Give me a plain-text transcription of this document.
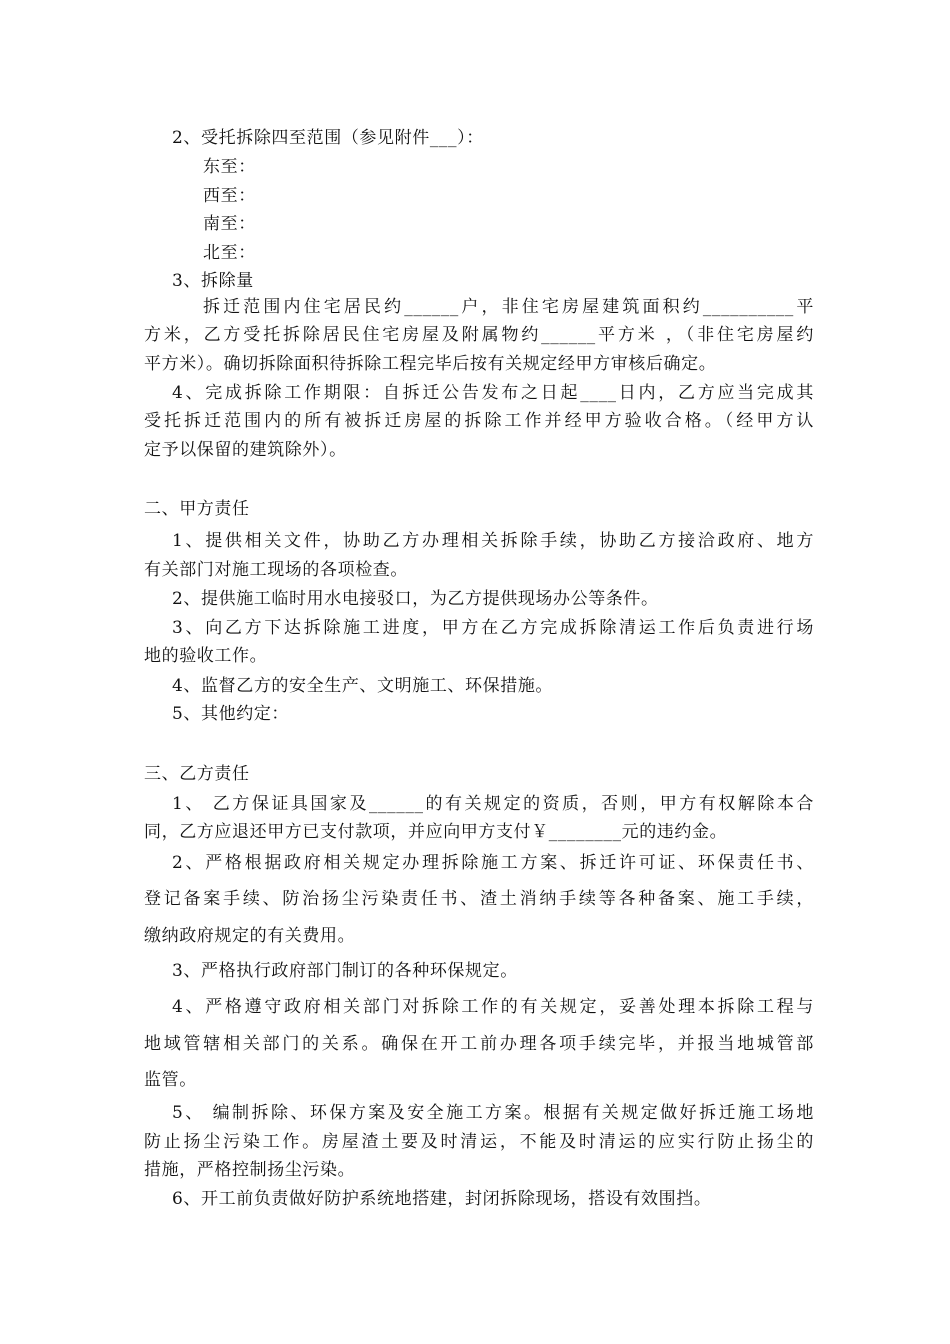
2、受托拆除四至范围（参见附件___）：
东至：
西至：
南至：
北至：
3、拆除量
拆迁范围内住宅居民约______户，非住宅房屋建筑面积约__________平
方米，乙方受托拆除居民住宅房屋及附属物约______平方米 ，（非住宅房屋约
平方米）。确切拆除面积待拆除工程完毕后按有关规定经甲方审核后确定。
4、完成拆除工作期限：自拆迁公告发布之日起____日内，乙方应当完成其
受托拆迁范围内的所有被拆迁房屋的拆除工作并经甲方验收合格。（经甲方认
定予以保留的建筑除外）。
二、甲方责任
1、提供相关文件，协助乙方办理相关拆除手续，协助乙方接洽政府、地方
有关部门对施工现场的各项检查。
2、提供施工临时用水电接驳口，为乙方提供现场办公等条件。
3、向乙方下达拆除施工进度，甲方在乙方完成拆除清运工作后负责进行场
地的验收工作。
4、监督乙方的安全生产、文明施工、环保措施。
5、其他约定：
三、乙方责任
1、 乙方保证具国家及______的有关规定的资质，否则，甲方有权解除本合
同，乙方应退还甲方已支付款项，并应向甲方支付￥________元的违约金。
2、严格根据政府相关规定办理拆除施工方案、拆迁许可证、环保责任书、
登记备案手续、防治扬尘污染责任书、渣土消纳手续等各种备案、施工手续，
缴纳政府规定的有关费用。
3、严格执行政府部门制订的各种环保规定。
4、严格遵守政府相关部门对拆除工作的有关规定，妥善处理本拆除工程与
地域管辖相关部门的关系。确保在开工前办理各项手续完毕，并报当地城管部
监管。
5、 编制拆除、环保方案及安全施工方案。根据有关规定做好拆迁施工场地
防止扬尘污染工作。房屋渣土要及时清运，不能及时清运的应实行防止扬尘的
措施，严格控制扬尘污染。
6、开工前负责做好防护系统地搭建，封闭拆除现场，搭设有效围挡。
